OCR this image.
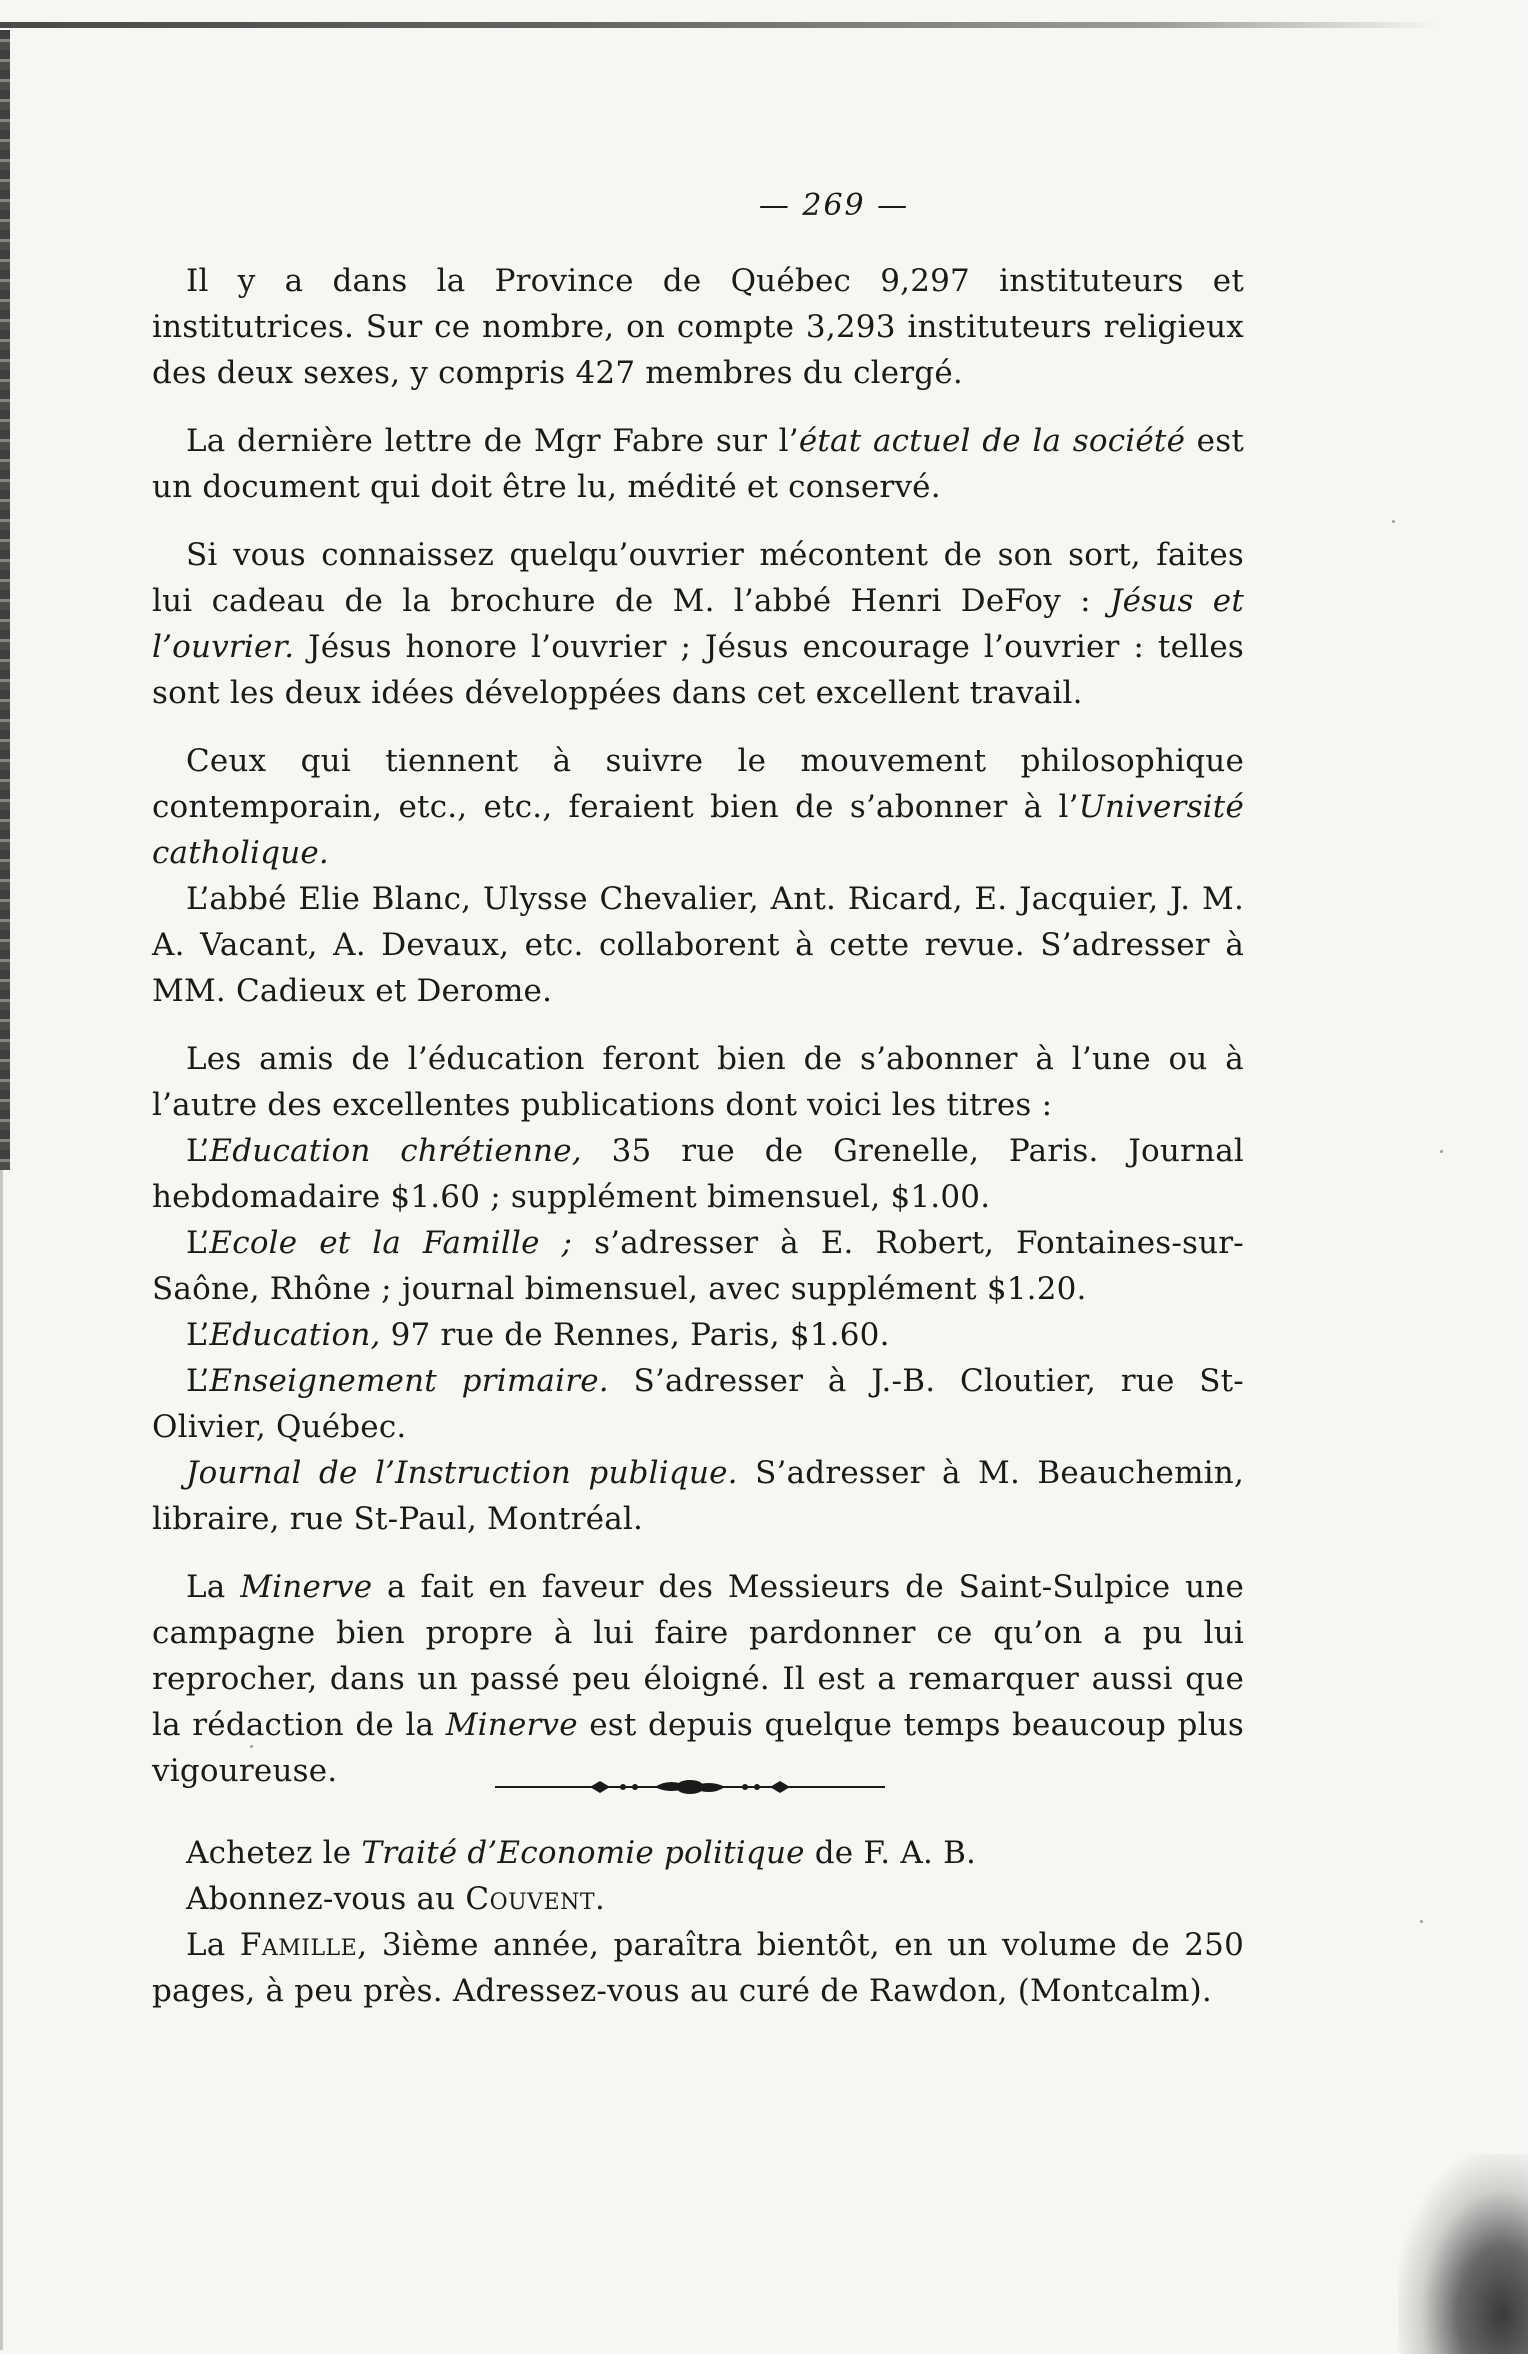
— 269 —

Il y a dans la Province de Québec 9,297 instituteurs et institutrices. Sur ce nombre, on compte 3,293 instituteurs religieux des deux sexes, y compris 427 membres du clergé.

La dernière lettre de Mgr Fabre sur l’état actuel de la société est un document qui doit être lu, médité et conservé.

Si vous connaissez quelqu’ouvrier mécontent de son sort, faites lui cadeau de la brochure de M. l’abbé Henri DeFoy : Jésus et l’ouvrier. Jésus honore l’ouvrier ; Jésus encourage l’ouvrier : telles sont les deux idées développées dans cet excellent travail.

Ceux qui tiennent à suivre le mouvement philosophique contemporain, etc., etc., feraient bien de s’abonner à l’Université catholique.

L’abbé Elie Blanc, Ulysse Chevalier, Ant. Ricard, E. Jacquier, J. M. A. Vacant, A. Devaux, etc. collaborent à cette revue. S’adresser à MM. Cadieux et Derome.

Les amis de l’éducation feront bien de s’abonner à l’une ou à l’autre des excellentes publications dont voici les titres :

L’Education chrétienne, 35 rue de Grenelle, Paris. Journal hebdomadaire $1.60 ; supplément bimensuel, $1.00.

L’Ecole et la Famille ; s’adresser à E. Robert, Fontaines-sur-Saône, Rhône ; journal bimensuel, avec supplément $1.20.

L’Education, 97 rue de Rennes, Paris, $1.60.

L’Enseignement primaire. S’adresser à J.-B. Cloutier, rue St-Olivier, Québec.

Journal de l’Instruction publique. S’adresser à M. Beauchemin, libraire, rue St-Paul, Montréal.

La Minerve a fait en faveur des Messieurs de Saint-Sulpice une campagne bien propre à lui faire pardonner ce qu’on a pu lui reprocher, dans un passé peu éloigné. Il est a remarquer aussi que la rédaction de la Minerve est depuis quelque temps beaucoup plus vigoureuse.

Achetez le Traité d’Economie politique de F. A. B.

Abonnez-vous au Couvent.

La Famille, 3ième année, paraîtra bientôt, en un volume de 250 pages, à peu près. Adressez-vous au curé de Rawdon, (Montcalm).
